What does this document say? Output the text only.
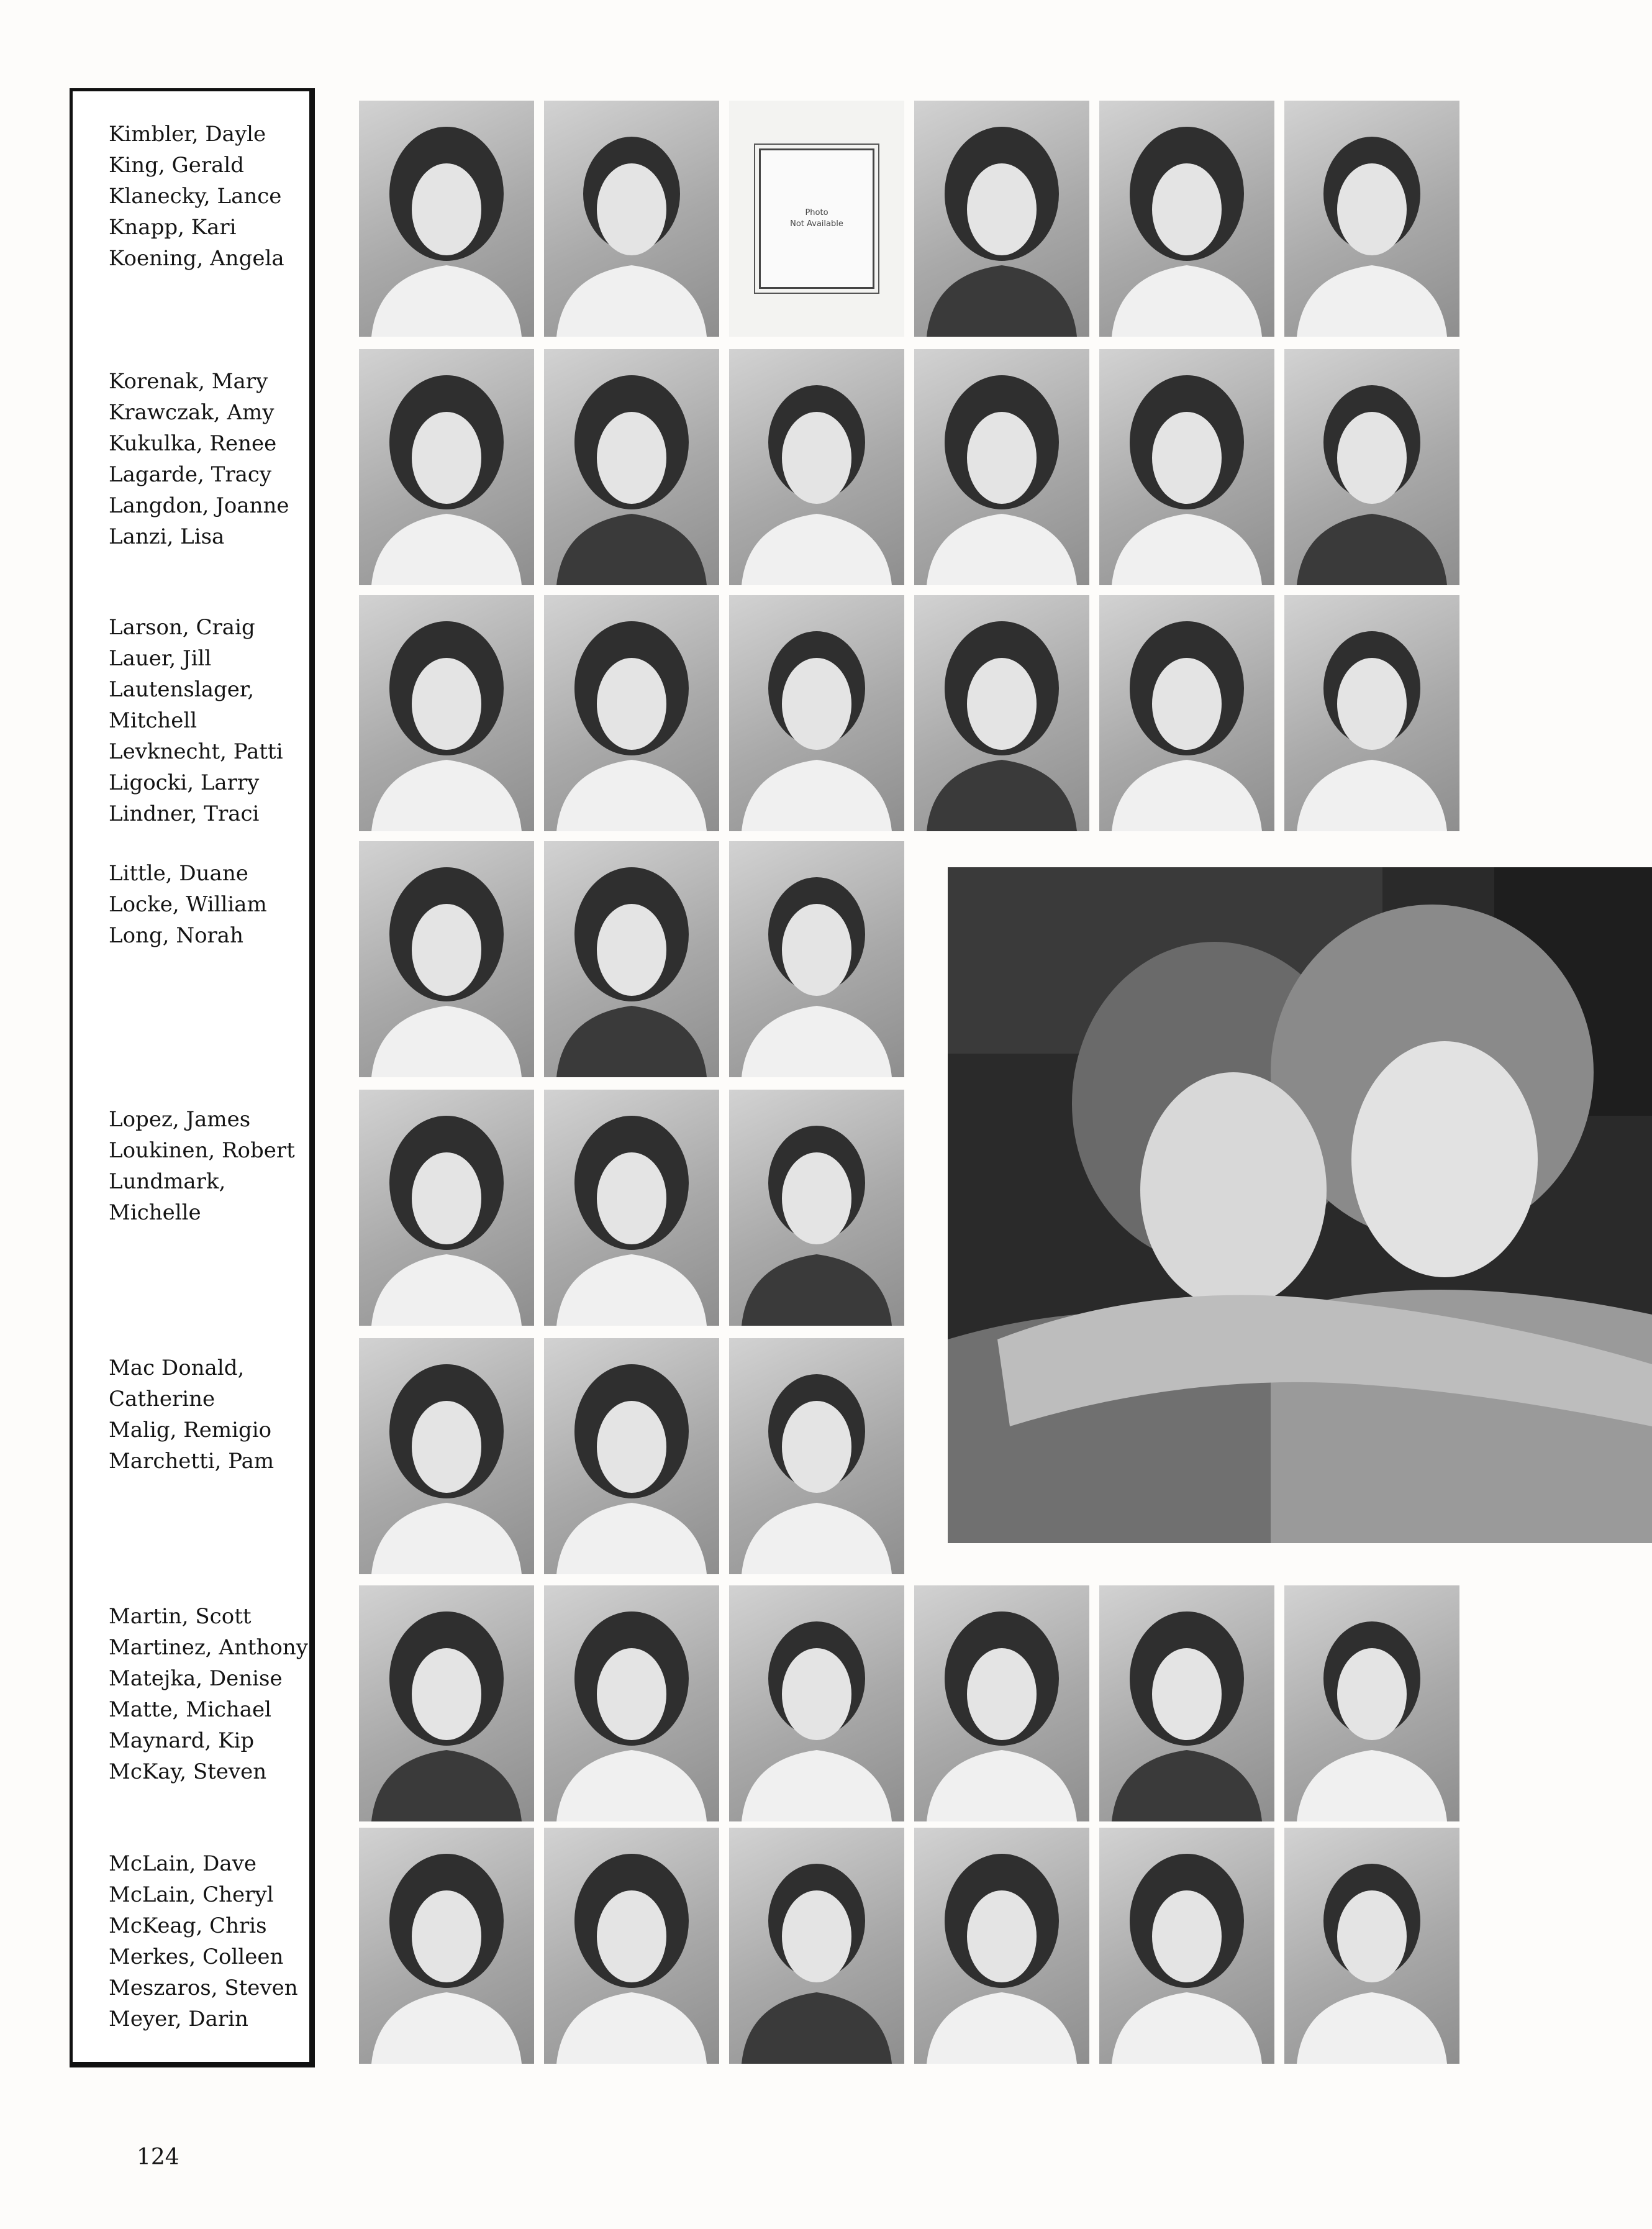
Kimbler, Dayle
King, Gerald
Klanecky, Lance
Knapp, Kari
Koening, Angela
Korenak, Mary
Krawczak, Amy
Kukulka, Renee
Lagarde, Tracy
Langdon, Joanne
Lanzi, Lisa
Larson, Craig
Lauer, Jill
Lautenslager,
Mitchell
Levknecht, Patti
Ligocki, Larry
Lindner, Traci
Little, Duane
Locke, William
Long, Norah
Lopez, James
Loukinen, Robert
Lundmark,
Michelle
Mac Donald,
Catherine
Malig, Remigio
Marchetti, Pam
Martin, Scott
Martinez, Anthony
Matejka, Denise
Matte, Michael
Maynard, Kip
McKay, Steven
McLain, Dave
McLain, Cheryl
McKeag, Chris
Merkes, Colleen
Meszaros, Steven
Meyer, Darin
Photo
Not Available
124
